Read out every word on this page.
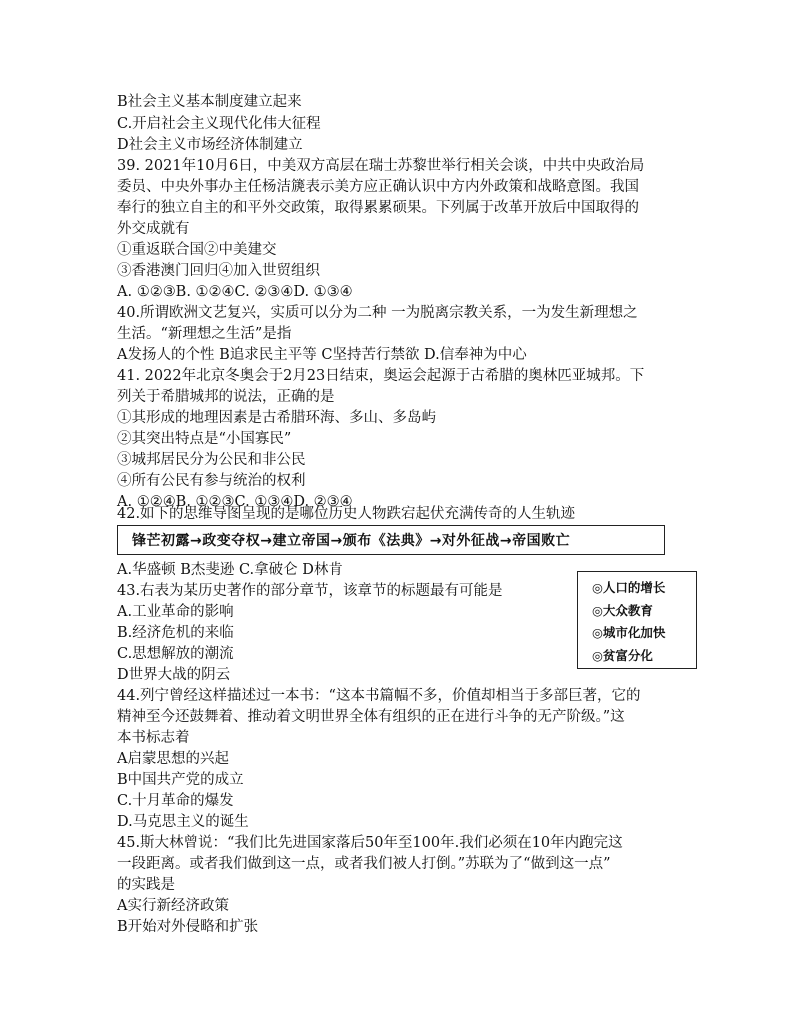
B社会主义基本制度建立起来
C.开启社会主义现代化伟大征程
D社会主义市场经济体制建立
39. 2021年10月6日，中美双方高层在瑞士苏黎世举行相关会谈，中共中央政治局
委员、中央外事办主任杨洁篪表示美方应正确认识中方内外政策和战略意图。我国
奉行的独立自主的和平外交政策，取得累累硕果。下列属于改革开放后中国取得的
外交成就有
①重返联合国②中美建交
③香港澳门回归④加入世贸组织
A. ①②③B. ①②④C. ②③④D. ①③④
40.所谓欧洲文艺复兴，实质可以分为二种 一为脱离宗教关系，一为发生新理想之
生活。“新理想之生活”是指
A发扬人的个性 B追求民主平等 C坚持苦行禁欲 D.信奉神为中心
41. 2022年北京冬奥会于2月23日结束，奥运会起源于古希腊的奥林匹亚城邦。下
列关于希腊城邦的说法，正确的是
①其形成的地理因素是古希腊环海、多山、多岛屿
②其突出特点是“小国寡民”
③城邦居民分为公民和非公民
④所有公民有参与统治的权利
A. ①②④B. ①②③C. ①③④D. ②③④
42.如下的思维导图呈现的是哪位历史人物跌宕起伏充满传奇的人生轨迹
锋芒初露→政变夺权→建立帝国→颁布《法典》→对外征战→帝国败亡
A.华盛顿 B杰斐逊 C.拿破仑 D林肯
43.右表为某历史著作的部分章节，该章节的标题最有可能是
A.工业革命的影响
B.经济危机的来临
C.思想解放的潮流
D世界大战的阴云
◎人口的增长
◎大众教育
◎城市化加快
◎贫富分化
44.列宁曾经这样描述过一本书：“这本书篇幅不多，价值却相当于多部巨著，它的
精神至今还鼓舞着、推动着文明世界全体有组织的正在进行斗争的无产阶级。”这
本书标志着
A启蒙思想的兴起
B中国共产党的成立
C.十月革命的爆发
D.马克思主义的诞生
45.斯大林曾说：“我们比先进国家落后50年至100年.我们必须在10年内跑完这
一段距离。或者我们做到这一点，或者我们被人打倒。”苏联为了“做到这一点”
的实践是
A实行新经济政策
B开始对外侵略和扩张
